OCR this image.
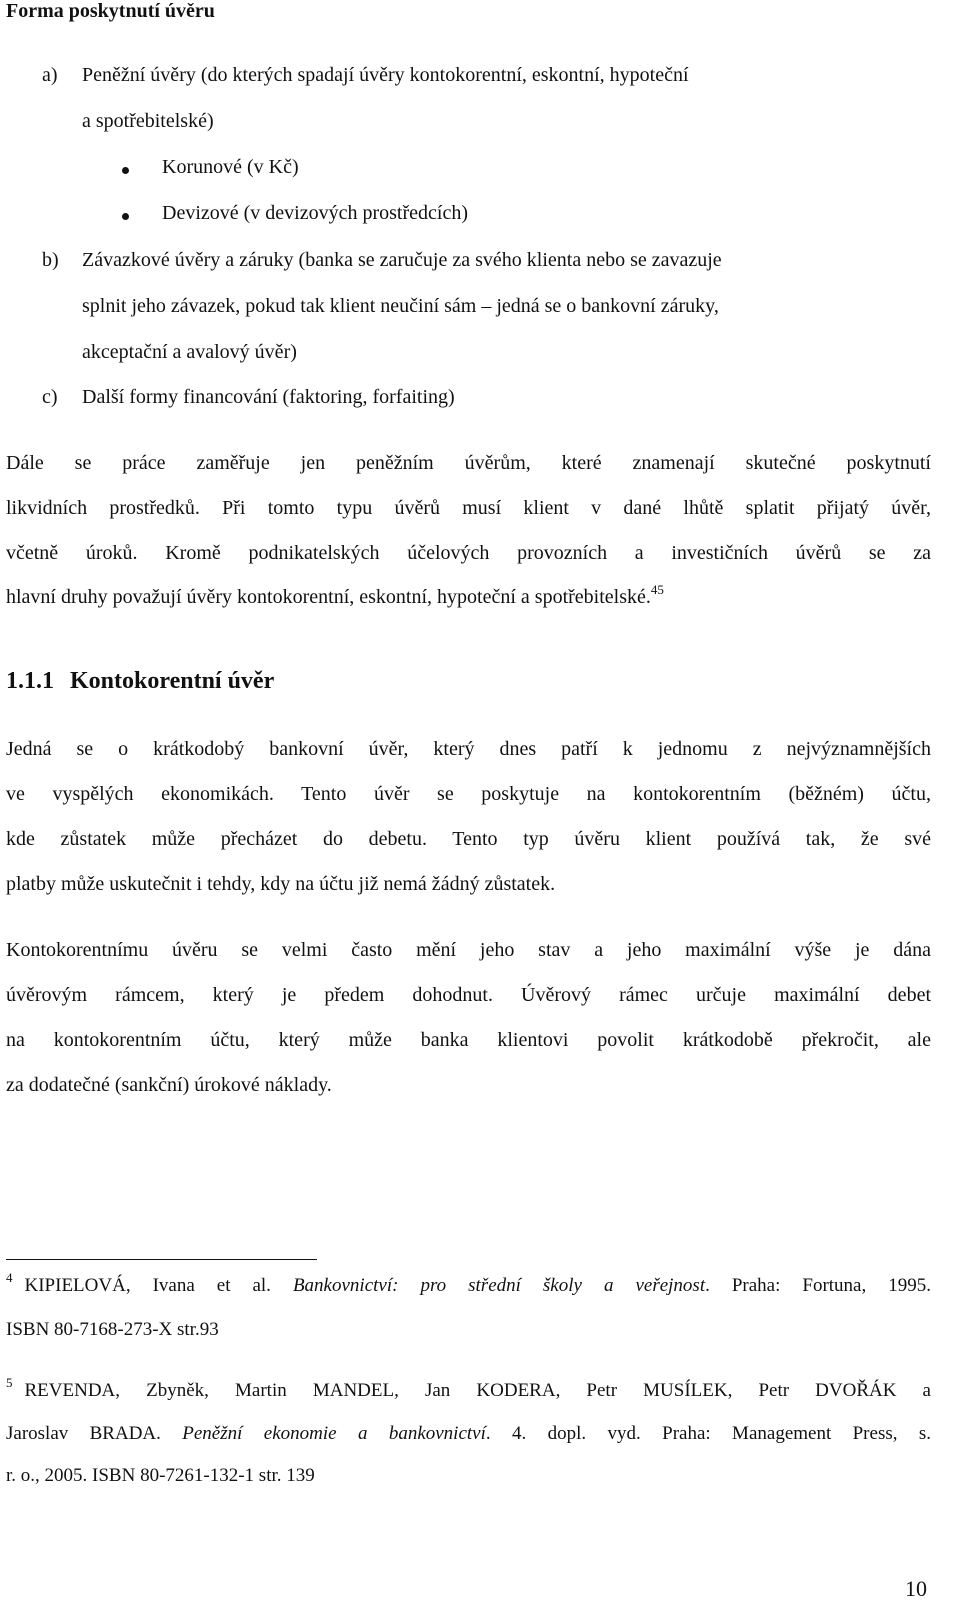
Forma poskytnutí úvěru
a) Peněžní úvěry (do kterých spadají úvěry kontokorentní, eskontní, hypoteční
a spotřebitelské)
Korunové (v Kč)
Devizové (v devizových prostředcích)
b) Závazkové úvěry a záruky (banka se zaručuje za svého klienta nebo se zavazuje
splnit jeho závazek, pokud tak klient neučiní sám – jedná se o bankovní záruky,
akceptační a avalový úvěr)
c) Další formy financování (faktoring, forfaiting)
Dále se práce zaměřuje jen peněžním úvěrům, které znamenají skutečné poskytnutí
likvidních prostředků. Při tomto typu úvěrů musí klient v dané lhůtě splatit přijatý úvěr,
včetně úroků. Kromě podnikatelských účelových provozních a investičních úvěrů se za
hlavní druhy považují úvěry kontokorentní, eskontní, hypoteční a spotřebitelské.$^{45}$
1.1.1 Kontokorentní úvěr
Jedná se o krátkodobý bankovní úvěr, který dnes patří k jednomu z nejvýznamnějších
ve vyspělých ekonomikách. Tento úvěr se poskytuje na kontokorentním (běžném) účtu,
kde zůstatek může přecházet do debetu. Tento typ úvěru klient používá tak, že své
platby může uskutečnit i tehdy, kdy na účtu již nemá žádný zůstatek.
Kontokorentnímu úvěru se velmi často mění jeho stav a jeho maximální výše je dána
úvěrovým rámcem, který je předem dohodnut. Úvěrový rámec určuje maximální debet
na kontokorentním účtu, který může banka klientovi povolit krátkodobě překročit, ale
za dodatečné (sankční) úrokové náklady.
$^4$ KIPIELOVÁ, Ivana et al. Bankovnictví: pro střední školy a veřejnost. Praha: Fortuna, 1995.
ISBN 80-7168-273-X str.93
$^5$ REVENDA, Zbyněk, Martin MANDEL, Jan KODERA, Petr MUSÍLEK, Petr DVOŘÁK a
Jaroslav BRADA. Peněžní ekonomie a bankovnictví. 4. dopl. vyd. Praha: Management Press, s.
r. o., 2005. ISBN 80-7261-132-1 str. 139
10
